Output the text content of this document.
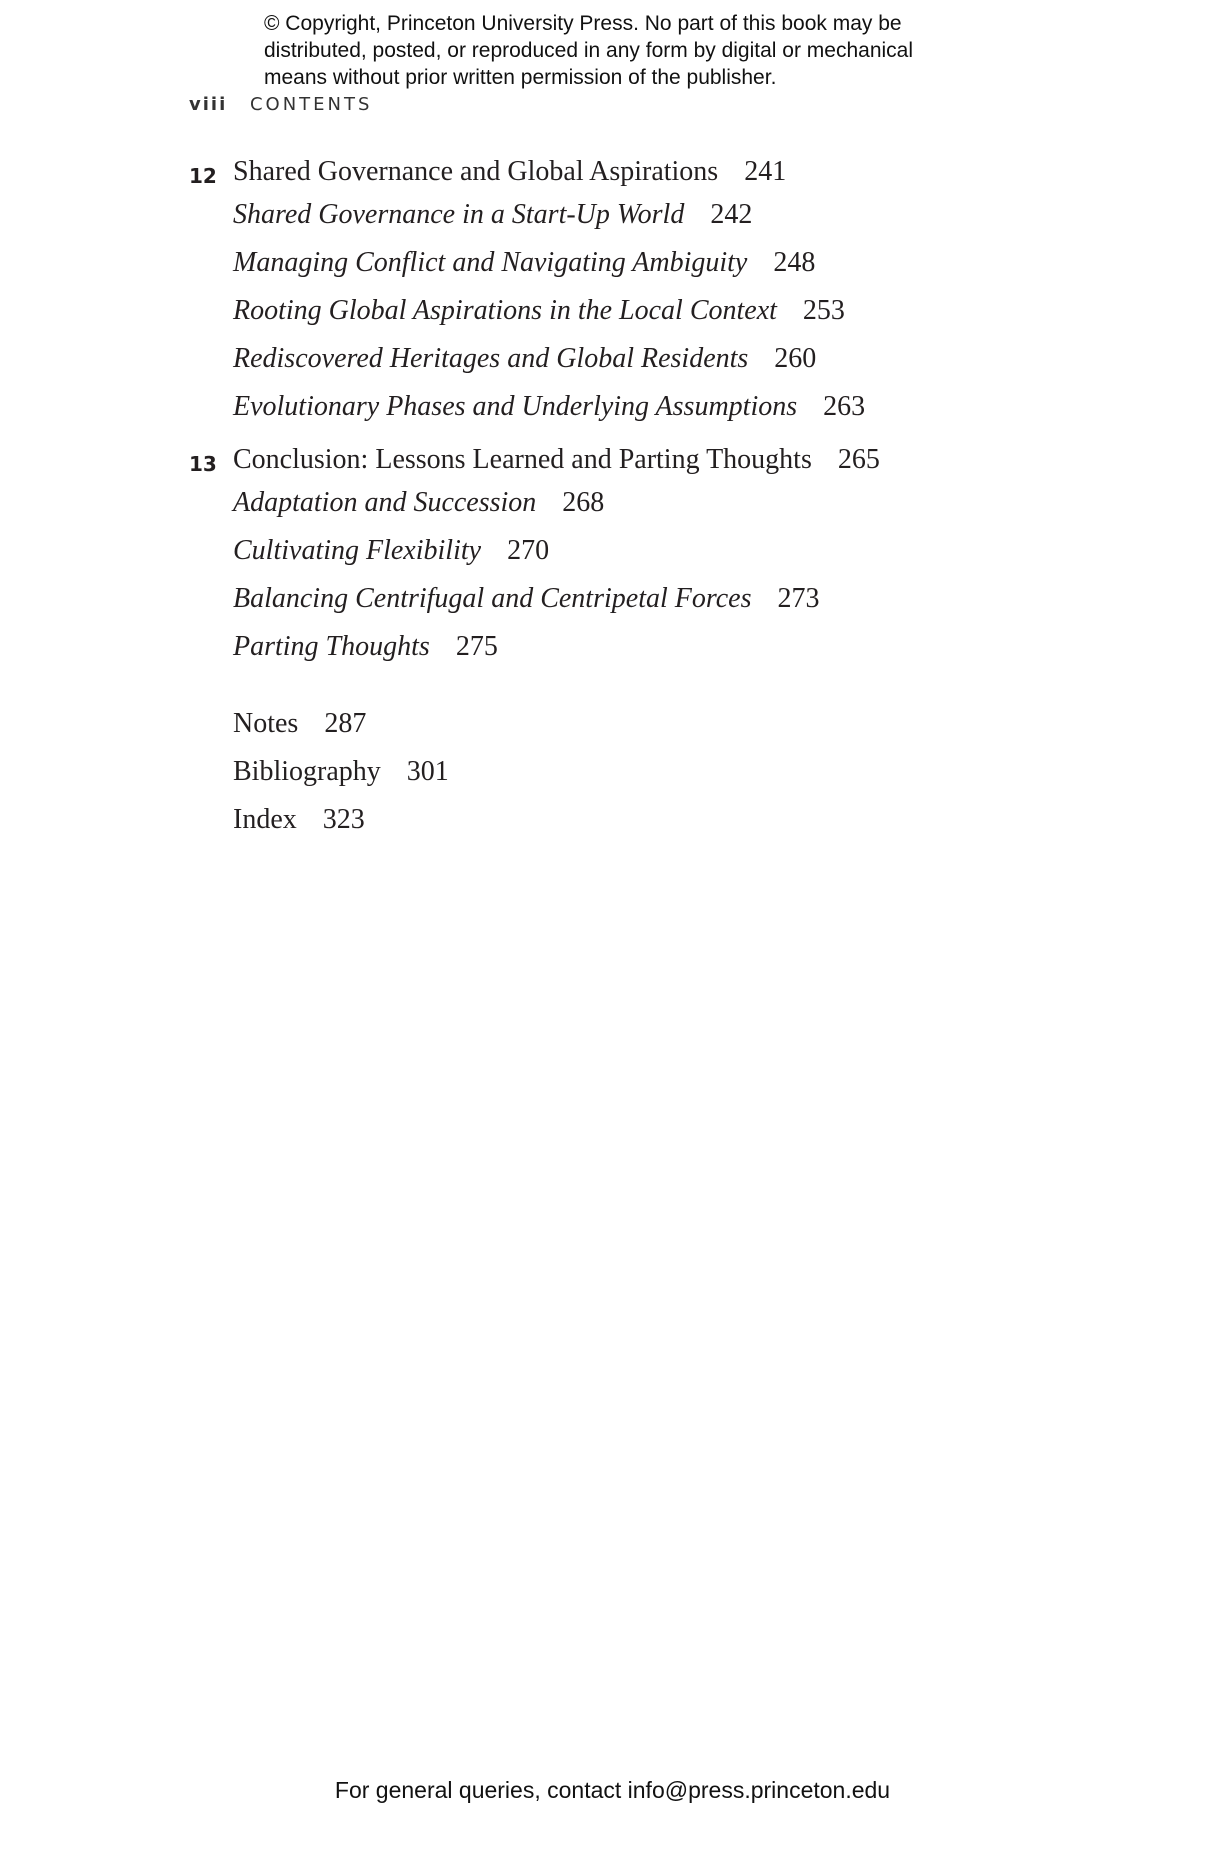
© Copyright, Princeton University Press. No part of this book may be
distributed, posted, or reproduced in any form by digital or mechanical
means without prior written permission of the publisher.
viii CONTENTS
12 Shared Governance and Global Aspirations 241
Shared Governance in a Start-Up World 242
Managing Conflict and Navigating Ambiguity 248
Rooting Global Aspirations in the Local Context 253
Rediscovered Heritages and Global Residents 260
Evolutionary Phases and Underlying Assumptions 263
13 Conclusion: Lessons Learned and Parting Thoughts 265
Adaptation and Succession 268
Cultivating Flexibility 270
Balancing Centrifugal and Centripetal Forces 273
Parting Thoughts 275
Notes 287
Bibliography 301
Index 323
For general queries, contact info@press.princeton.edu
